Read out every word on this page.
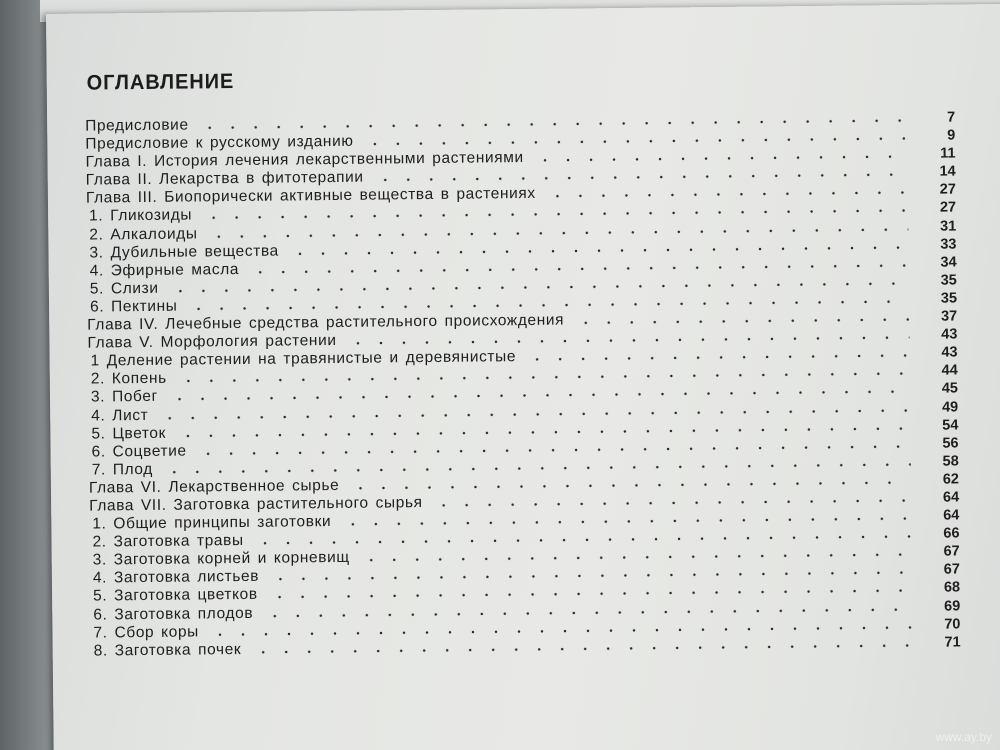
ОГЛАВЛЕНИЕ
Предисловие	7
Предисловие к русскому изданию	9
Глава I. История лечения лекарственными растениями	11
Глава II. Лекарства в фитотерапии	14
Глава III. Биопорически активные вещества в растениях	27
1. Гликозиды	27
2. Алкалоиды	31
3. Дубильные вещества	33
4. Эфирные масла	34
5. Слизи	35
6. Пектины	35
Глава IV. Лечебные средства растительного происхождения	37
Глава V. Морфология растении	43
1 Деление растении на травянистые и деревянистые	43
2. Копень	44
3. Побег	45
4. Лист	49
5. Цветок	54
6. Соцветие	56
7. Плод	58
Глава VI. Лекарственное сырье	62
Глава VII. Заготовка растительного сырья	64
1. Общие принципы заготовки	64
2. Заготовка травы	66
3. Заготовка корней и корневищ	67
4. Заготовка листьев	67
5. Заготовка цветков	68
6. Заготовка плодов	69
7. Сбор коры	70
8. Заготовка почек	71
www.ay.by
